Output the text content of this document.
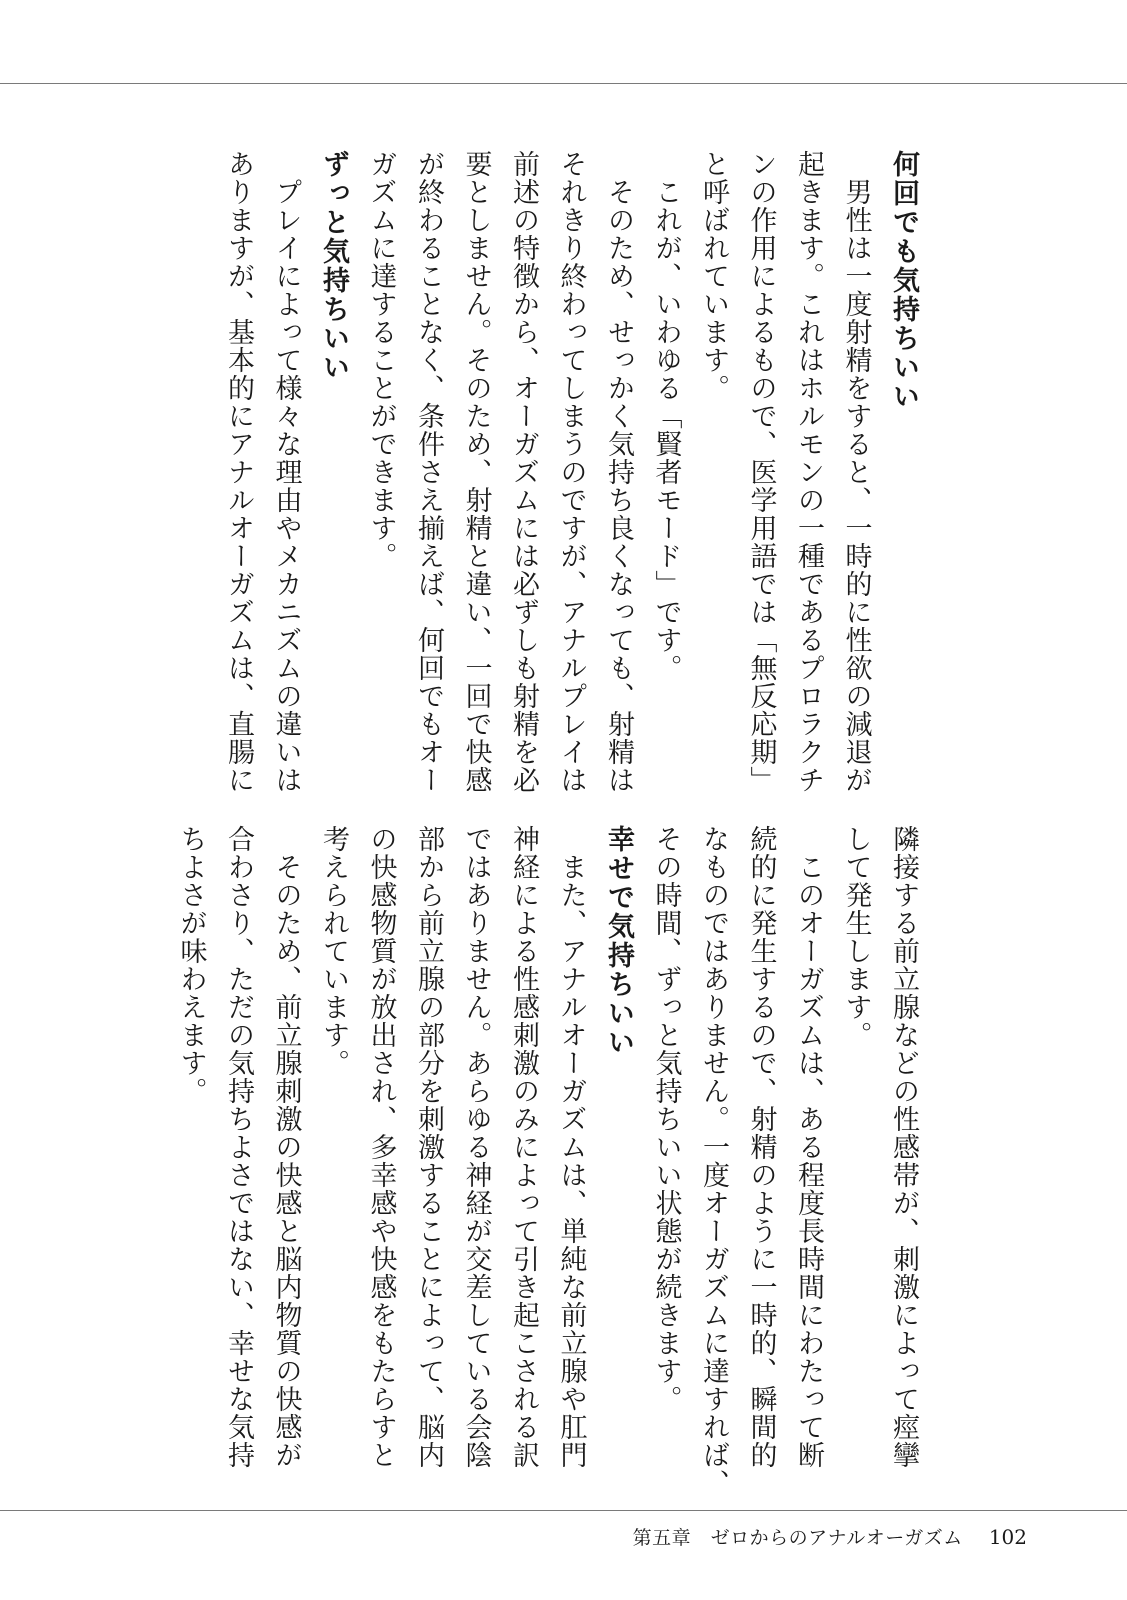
何回でも気持ちいい
　男性は一度射精をすると、一時的に性欲の減退が
起きます。これはホルモンの一種であるプロラクチ
ンの作用によるもので、医学用語では「無反応期」
と呼ばれています。
　これが、いわゆる「賢者モード」です。
　そのため、せっかく気持ち良くなっても、射精は
それきり終わってしまうのですが、アナルプレイは
前述の特徴から、オーガズムには必ずしも射精を必
要としません。そのため、射精と違い、一回で快感
が終わることなく、条件さえ揃えば、何回でもオー
ガズムに達することができます。
ずっと気持ちいい
　プレイによって様々な理由やメカニズムの違いは
ありますが、基本的にアナルオーガズムは、直腸に
隣接する前立腺などの性感帯が、刺激によって痙攣
して発生します。
　このオーガズムは、ある程度長時間にわたって断
続的に発生するので、射精のように一時的、瞬間的
なものではありません。一度オーガズムに達すれば、
その時間、ずっと気持ちいい状態が続きます。
幸せで気持ちいい
　また、アナルオーガズムは、単純な前立腺や肛門
神経による性感刺激のみによって引き起こされる訳
ではありません。あらゆる神経が交差している会陰
部から前立腺の部分を刺激することによって、脳内
の快感物質が放出され、多幸感や快感をもたらすと
考えられています。
　そのため、前立腺刺激の快感と脳内物質の快感が
合わさり、ただの気持ちよさではない、幸せな気持
ちよさが味わえます。
第五章　ゼロからのアナルオーガズム 102
